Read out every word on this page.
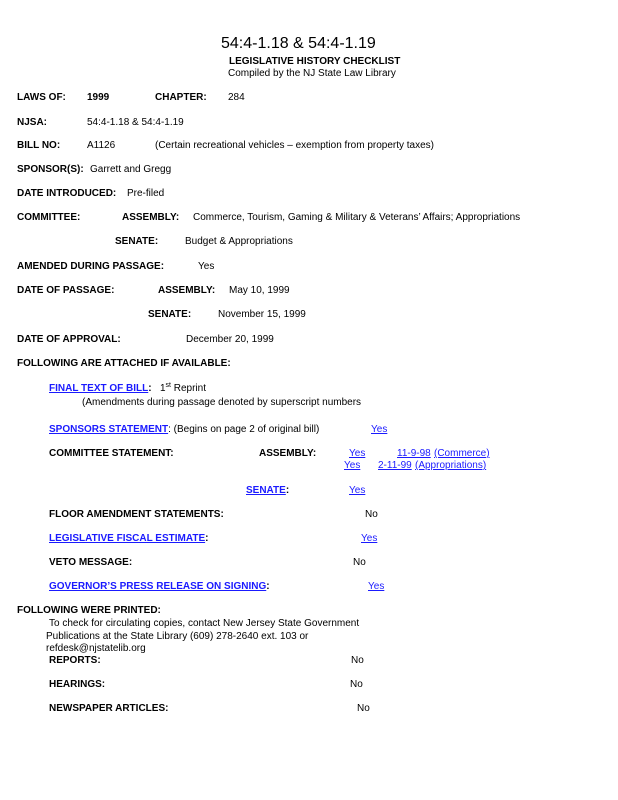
54:4-1.18 & 54:4-1.19
LEGISLATIVE HISTORY CHECKLIST
Compiled by the NJ State Law Library
LAWS OF: 1999	CHAPTER: 284
NJSA:	54:4-1.18 & 54:4-1.19
BILL NO:	A1126	(Certain recreational vehicles – exemption from property taxes)
SPONSOR(S): Garrett and Gregg
DATE INTRODUCED: Pre-filed
COMMITTEE:	ASSEMBLY: Commerce, Tourism, Gaming & Military & Veterans’ Affairs; Appropriations
SENATE:	Budget & Appropriations
AMENDED DURING PASSAGE:	Yes
DATE OF PASSAGE:	ASSEMBLY: May 10, 1999
SENATE:	November 15, 1999
DATE OF APPROVAL:	December 20, 1999
FOLLOWING ARE ATTACHED IF AVAILABLE:
FINAL TEXT OF BILL: 1st Reprint
(Amendments during passage denoted by superscript numbers
SPONSORS STATEMENT: (Begins on page 2 of original bill)	Yes
COMMITTEE STATEMENT:	ASSEMBLY:	Yes	11-9-98 (Commerce)
Yes 2-11-99 (Appropriations)
SENATE:	Yes
FLOOR AMENDMENT STATEMENTS:	No
LEGISLATIVE FISCAL ESTIMATE:	Yes
VETO MESSAGE:	No
GOVERNOR’S PRESS RELEASE ON SIGNING:	Yes
FOLLOWING WERE PRINTED:
To check for circulating copies, contact New Jersey State Government
Publications at the State Library (609) 278-2640 ext. 103 or
refdesk@njstatelib.org
REPORTS:	No
HEARINGS:	No
NEWSPAPER ARTICLES:	No
